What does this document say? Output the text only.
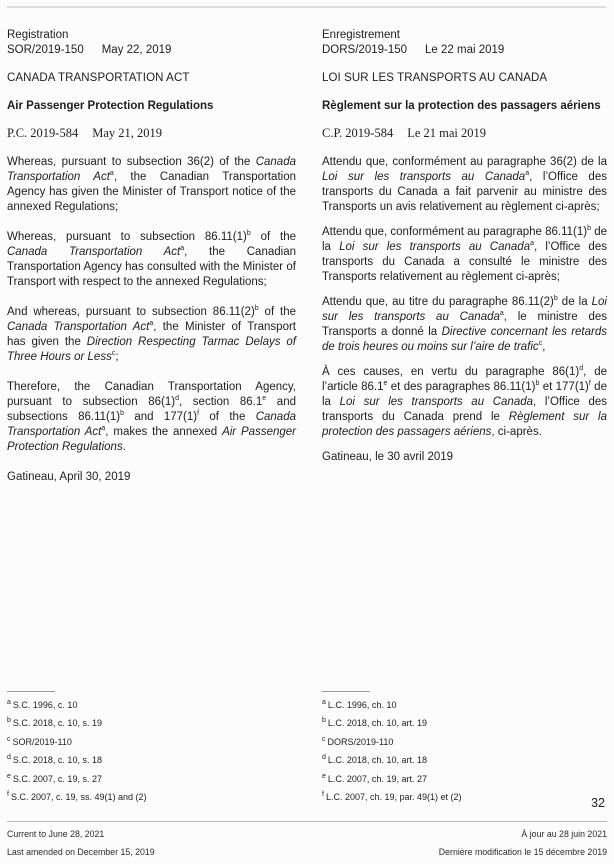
Registration
SOR/2019-150 May 22, 2019
CANADA TRANSPORTATION ACT
Air Passenger Protection Regulations
P.C. 2019-584 May 21, 2019

Whereas, pursuant to subsection 36(2) of the Canada Transportation Act$^a$, the Canadian Transportation Agency has given the Minister of Transport notice of the annexed Regulations;

Whereas, pursuant to subsection 86.11(1)$^b$ of the Canada Transportation Act$^a$, the Canadian Transportation Agency has consulted with the Minister of Transport with respect to the annexed Regulations;

And whereas, pursuant to subsection 86.11(2)$^b$ of the Canada Transportation Act$^a$, the Minister of Transport has given the Direction Respecting Tarmac Delays of Three Hours or Less$^c$;

Therefore, the Canadian Transportation Agency, pursuant to subsection 86(1)$^d$, section 86.1e and subsections 86.11(1)$^b$ and 177(1)$^f$ of the Canada Transportation Act$^a$, makes the annexed Air Passenger Protection Regulations.

Gatineau, April 30, 2019
Enregistrement
DORS/2019-150 Le 22 mai 2019
LOI SUR LES TRANSPORTS AU CANADA
Règlement sur la protection des passagers aériens
C.P. 2019-584 Le 21 mai 2019

Attendu que, conformément au paragraphe 36(2) de la Loi sur les transports au Canada$^a$, l’Office des transports du Canada a fait parvenir au ministre des Transports un avis relativement au règlement ci-après;

Attendu que, conformément au paragraphe 86.11(1)$^b$ de la Loi sur les transports au Canada$^a$, l’Office des transports du Canada a consulté le ministre des Transports relativement au règlement ci-après;

Attendu que, au titre du paragraphe 86.11(2)$^b$ de la Loi sur les transports au Canada$^a$, le ministre des Transports a donné la Directive concernant les retards de trois heures ou moins sur l’aire de trafic$^c$,

À ces causes, en vertu du paragraphe 86(1)$^d$, de l’article 86.1e et des paragraphes 86.11(1)$^b$ et 177(1)$^f$ de la Loi sur les transports au Canada, l’Office des transports du Canada prend le Règlement sur la protection des passagers aériens, ci-après.

Gatineau, le 30 avril 2019
$^a$ S.C. 1996, c. 10
$^b$ S.C. 2018, c. 10, s. 19
$^c$ SOR/2019-110
$^d$ S.C. 2018, c. 10, s. 18
$^e$ S.C. 2007, c. 19, s. 27
$^f$ S.C. 2007, c. 19, ss. 49(1) and (2)
$^a$ L.C. 1996, ch. 10
$^b$ L.C. 2018, ch. 10, art. 19
$^c$ DORS/2019-110
$^d$ L.C. 2018, ch. 10, art. 18
$^e$ L.C. 2007, ch. 19, art. 27
$^f$ L.C. 2007, ch. 19, par. 49(1) et (2)	32
Current to June 28, 2021
Last amended on December 15, 2019
À jour au 28 juin 2021
Dernière modification le 15 décembre 2019
